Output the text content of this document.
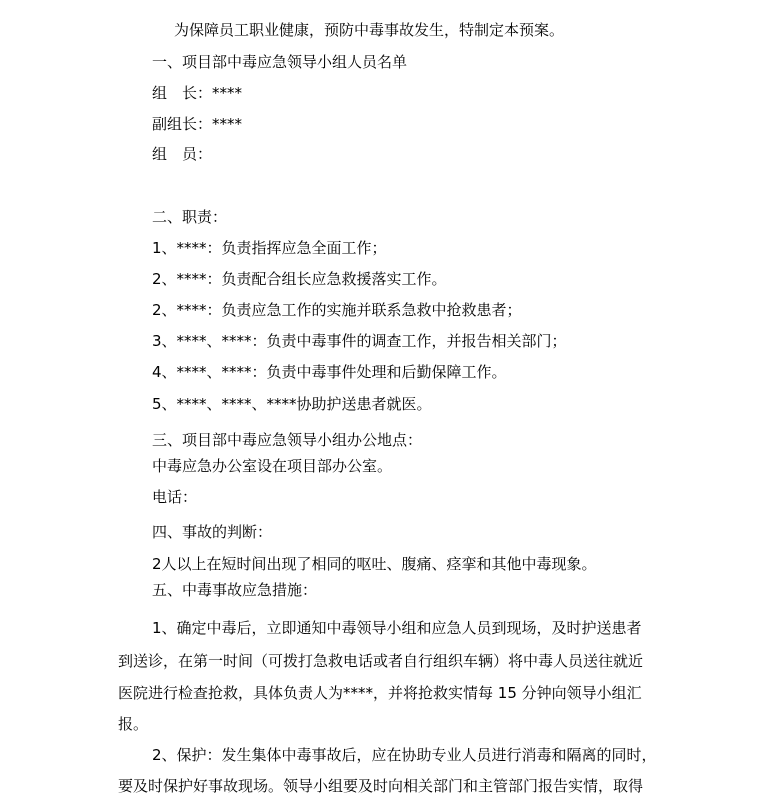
为保障员工职业健康，预防中毒事故发生，特制定本预案。
一、项目部中毒应急领导小组人员名单
组　长：****
副组长：****
组　员：
二、职责：
1、****：负责指挥应急全面工作；
2、****：负责配合组长应急救援落实工作。
2、****：负责应急工作的实施并联系急救中抢救患者；
3、****、****：负责中毒事件的调查工作，并报告相关部门；
4、****、****：负责中毒事件处理和后勤保障工作。
5、****、****、****协助护送患者就医。
三、项目部中毒应急领导小组办公地点：
中毒应急办公室设在项目部办公室。
电话：
四、事故的判断：
2人以上在短时间出现了相同的呕吐、腹痛、痉挛和其他中毒现象。
五、中毒事故应急措施：
1、确定中毒后，立即通知中毒领导小组和应急人员到现场，及时护送患者
到送诊，在第一时间（可拨打急救电话或者自行组织车辆）将中毒人员送往就近
医院进行检查抢救，具体负责人为****，并将抢救实情每 15 分钟向领导小组汇
报。
2、保护：发生集体中毒事故后，应在协助专业人员进行消毒和隔离的同时，
要及时保护好事故现场。领导小组要及时向相关部门和主管部门报告实情，取得
